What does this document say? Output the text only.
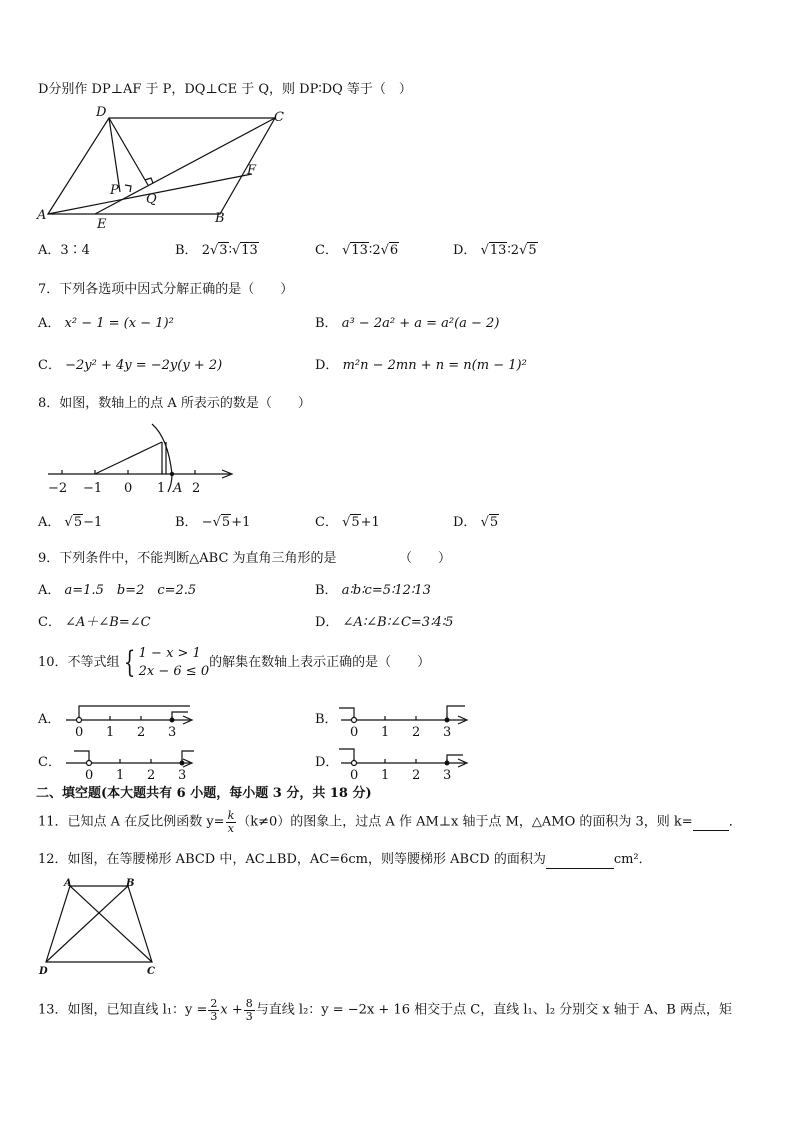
D分别作 DP⊥AF 于 P，DQ⊥CE 于 Q，则 DP∶DQ 等于（　）
D	C
F
P
Q
A
E	B
A．3∶4	B． 2√3∶√13	C． √13∶2√6	D． √13∶2√5
7．下列各选项中因式分解正确的是（　　）
A． x² − 1 = (x − 1)²	B． a³ − 2a² + a = a²(a − 2)
C． −2y² + 4y = −2y(y + 2)	D． m²n − 2mn + n = n(m − 1)²
8．如图，数轴上的点 A 所表示的数是（　　）
−2 −1 0 1 2
A
A． √5−1	B． −√5+1	C． √5+1	D． √5
9．下列条件中，不能判断△ABC 为直角三角形的是	（　　）
A． a=1.5　b=2　c=2.5	B． a∶b∶c=5∶12∶13
C． ∠A＋∠B=∠C	D． ∠A∶∠B∶∠C=3∶4∶5
10．不等式组 { 1 − x > 1
2x − 6 ≤ 0
的解集在数轴上表示正确的是（　　）
A．
0 1 2 3
B．
0 1 2 3
C．
0 1 2 3
D．
0 1 2 3
二、填空题(本大题共有 6 小题，每小题 3 分，共 18 分)
11．已知点 A 在反比例函数 $y= \frac{k}{x} (k\ne 0)$的图象上，过点 A 作 AM⊥x 轴于点 M，△AMO 的面积为 3，则 k=	．
12．如图，在等腰梯形 ABCD 中，AC⊥BD，AC=6cm，则等腰梯形 ABCD 的面积为	cm²．
A	B
C
D
13．如图，已知直线 l₁：$y = \frac{2}{3}$ $x + \frac{8}{3}$ 与直线 l₂：y = −2x + 16 相交于点 C，直线 l₁、l₂ 分别交 x 轴于 A、B 两点，矩
